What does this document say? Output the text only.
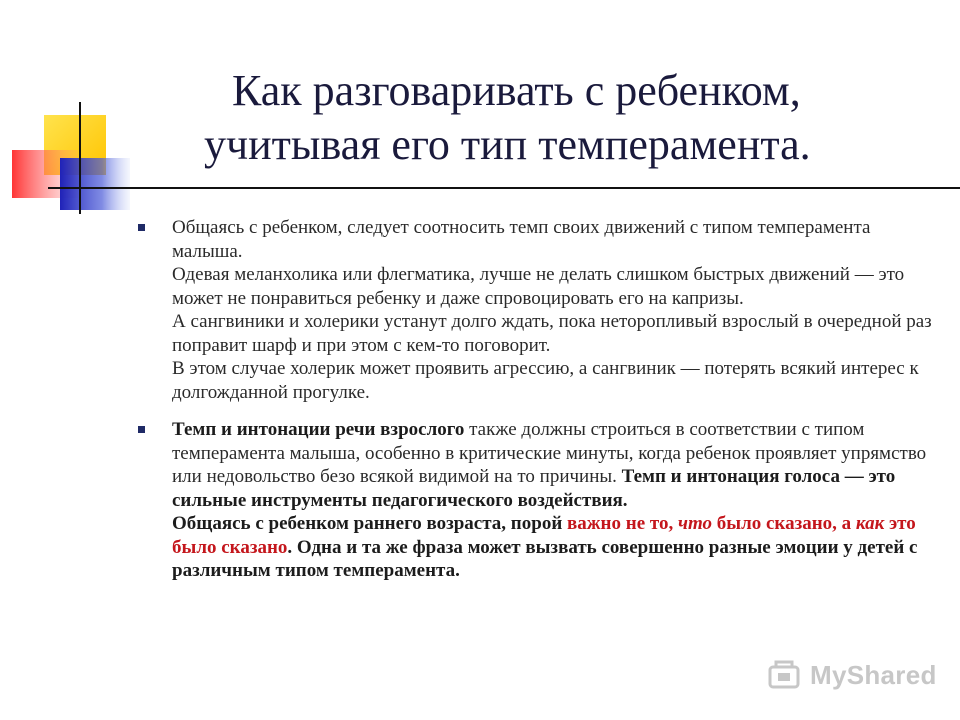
Как разговаривать с ребенком,
учитывая его тип темперамента.

Общаясь с ребенком, следует соотносить темп своих движений с типом темперамента малыша.

Одевая меланхолика или флегматика, лучше не делать слишком быстрых движений — это может не понравиться ребенку и даже спровоцировать его на капризы.

А сангвиники и холерики устанут долго ждать, пока неторопливый взрослый в очередной раз поправит шарф и при этом с кем-то поговорит.

В этом случае холерик может проявить агрессию, а сангвиник — потерять всякий интерес к долгожданной прогулке.

Темп и интонации речи взрослого также должны строиться в соответствии с типом темперамента малыша, особенно в критические минуты, когда ребенок проявляет упрямство или недовольство безо всякой видимой на то причины. Темп и интонация голоса — это сильные инструменты педагогического воздействия.
Общаясь с ребенком раннего возраста, порой важно не то, что было сказано, а как это было сказано. Одна и та же фраза может вызвать совершенно разные эмоции у детей с различным типом темперамента.

MyShared
